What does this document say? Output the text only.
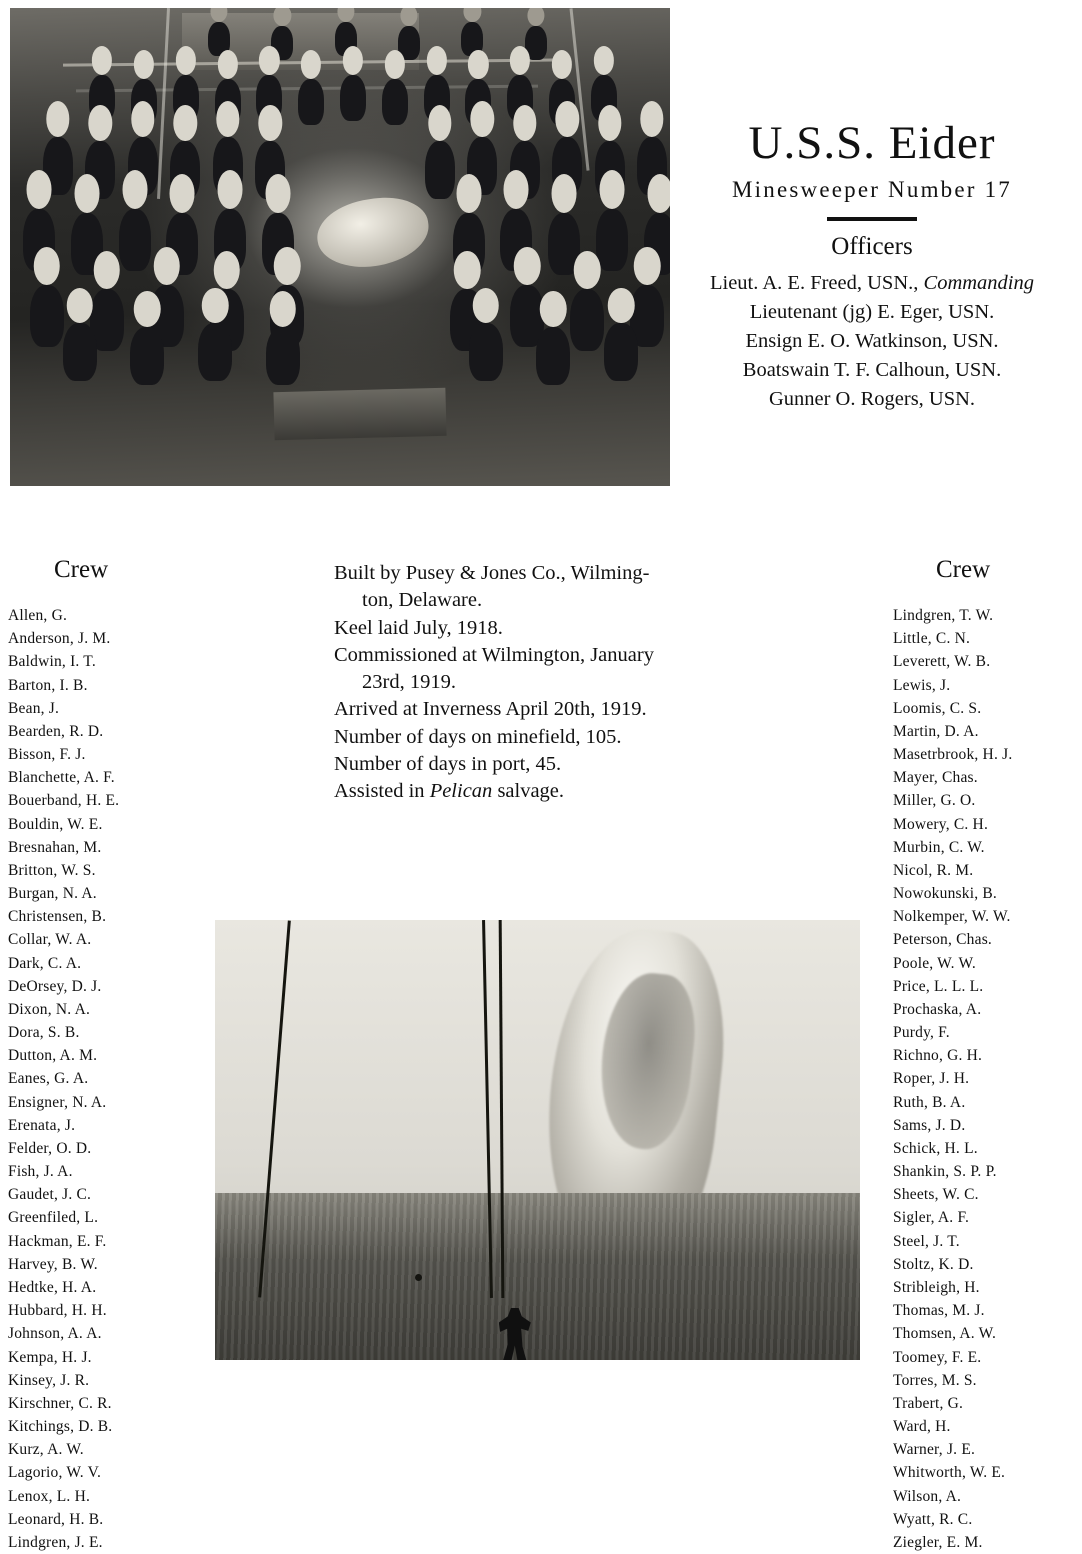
U.S.S. Eider
Minesweeper Number 17
Officers
Lieut. A. E. Freed, USN., Commanding
Lieutenant (jg) E. Eger, USN.
Ensign E. O. Watkinson, USN.
Boatswain T. F. Calhoun, USN.
Gunner O. Rogers, USN.
Crew	Crew
Allen, G.
Anderson, J. M.
Baldwin, I. T.
Barton, I. B.
Bean, J.
Bearden, R. D.
Bisson, F. J.
Blanchette, A. F.
Bouerband, H. E.
Bouldin, W. E.
Bresnahan, M.
Britton, W. S.
Burgan, N. A.
Christensen, B.
Collar, W. A.
Dark, C. A.
DeOrsey, D. J.
Dixon, N. A.
Dora, S. B.
Dutton, A. M.
Eanes, G. A.
Ensigner, N. A.
Erenata, J.
Felder, O. D.
Fish, J. A.
Gaudet, J. C.
Greenfiled, L.
Hackman, E. F.
Harvey, B. W.
Hedtke, H. A.
Hubbard, H. H.
Johnson, A. A.
Kempa, H. J.
Kinsey, J. R.
Kirschner, C. R.
Kitchings, D. B.
Kurz, A. W.
Lagorio, W. V.
Lenox, L. H.
Leonard, H. B.
Lindgren, J. E.
Lindgren, T. W.
Little, C. N.
Leverett, W. B.
Lewis, J.
Loomis, C. S.
Martin, D. A.
Masetrbrook, H. J.
Mayer, Chas.
Miller, G. O.
Mowery, C. H.
Murbin, C. W.
Nicol, R. M.
Nowokunski, B.
Nolkemper, W. W.
Peterson, Chas.
Poole, W. W.
Price, L. L. L.
Prochaska, A.
Purdy, F.
Richno, G. H.
Roper, J. H.
Ruth, B. A.
Sams, J. D.
Schick, H. L.
Shankin, S. P. P.
Sheets, W. C.
Sigler, A. F.
Steel, J. T.
Stoltz, K. D.
Stribleigh, H.
Thomas, M. J.
Thomsen, A. W.
Toomey, F. E.
Torres, M. S.
Trabert, G.
Ward, H.
Warner, J. E.
Whitworth, W. E.
Wilson, A.
Wyatt, R. C.
Ziegler, E. M.

Built by Pusey & Jones Co., Wilming-

ton, Delaware.

Keel laid July, 1918.

Commissioned at Wilmington, January

23rd, 1919.

Arrived at Inverness April 20th, 1919.

Number of days on minefield, 105.

Number of days in port, 45.

Assisted in Pelican salvage.
